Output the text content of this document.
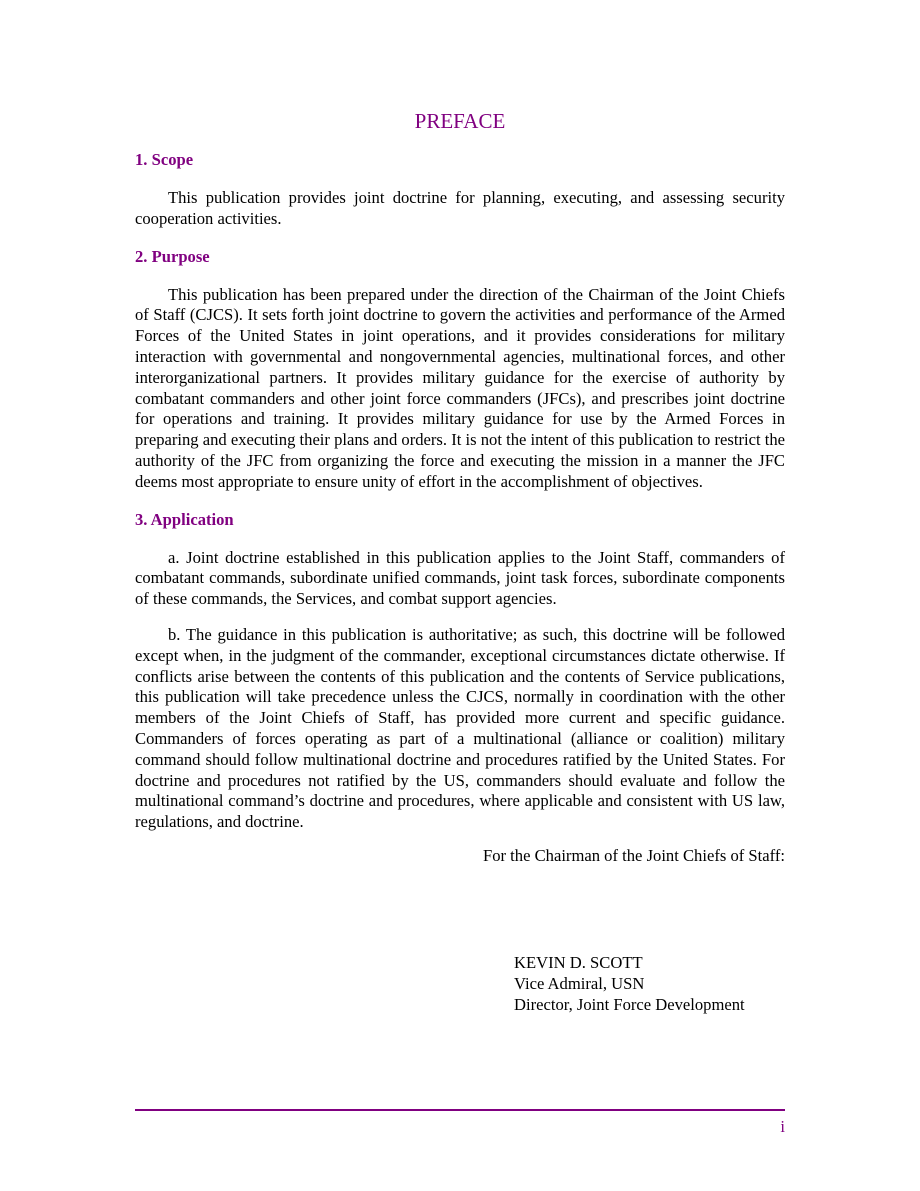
PREFACE
1. Scope

This publication provides joint doctrine for planning, executing, and assessing security cooperation activities.

2. Purpose

This publication has been prepared under the direction of the Chairman of the Joint Chiefs of Staff (CJCS). It sets forth joint doctrine to govern the activities and performance of the Armed Forces of the United States in joint operations, and it provides considerations for military interaction with governmental and nongovernmental agencies, multinational forces, and other interorganizational partners. It provides military guidance for the exercise of authority by combatant commanders and other joint force commanders (JFCs), and prescribes joint doctrine for operations and training. It provides military guidance for use by the Armed Forces in preparing and executing their plans and orders. It is not the intent of this publication to restrict the authority of the JFC from organizing the force and executing the mission in a manner the JFC deems most appropriate to ensure unity of effort in the accomplishment of objectives.

3. Application

a. Joint doctrine established in this publication applies to the Joint Staff, commanders of combatant commands, subordinate unified commands, joint task forces, subordinate components of these commands, the Services, and combat support agencies.

b. The guidance in this publication is authoritative; as such, this doctrine will be followed except when, in the judgment of the commander, exceptional circumstances dictate otherwise. If conflicts arise between the contents of this publication and the contents of Service publications, this publication will take precedence unless the CJCS, normally in coordination with the other members of the Joint Chiefs of Staff, has provided more current and specific guidance. Commanders of forces operating as part of a multinational (alliance or coalition) military command should follow multinational doctrine and procedures ratified by the United States. For doctrine and procedures not ratified by the US, commanders should evaluate and follow the multinational command’s doctrine and procedures, where applicable and consistent with US law, regulations, and doctrine.

For the Chairman of the Joint Chiefs of Staff:
KEVIN D. SCOTT
Vice Admiral, USN
Director, Joint Force Development
i
